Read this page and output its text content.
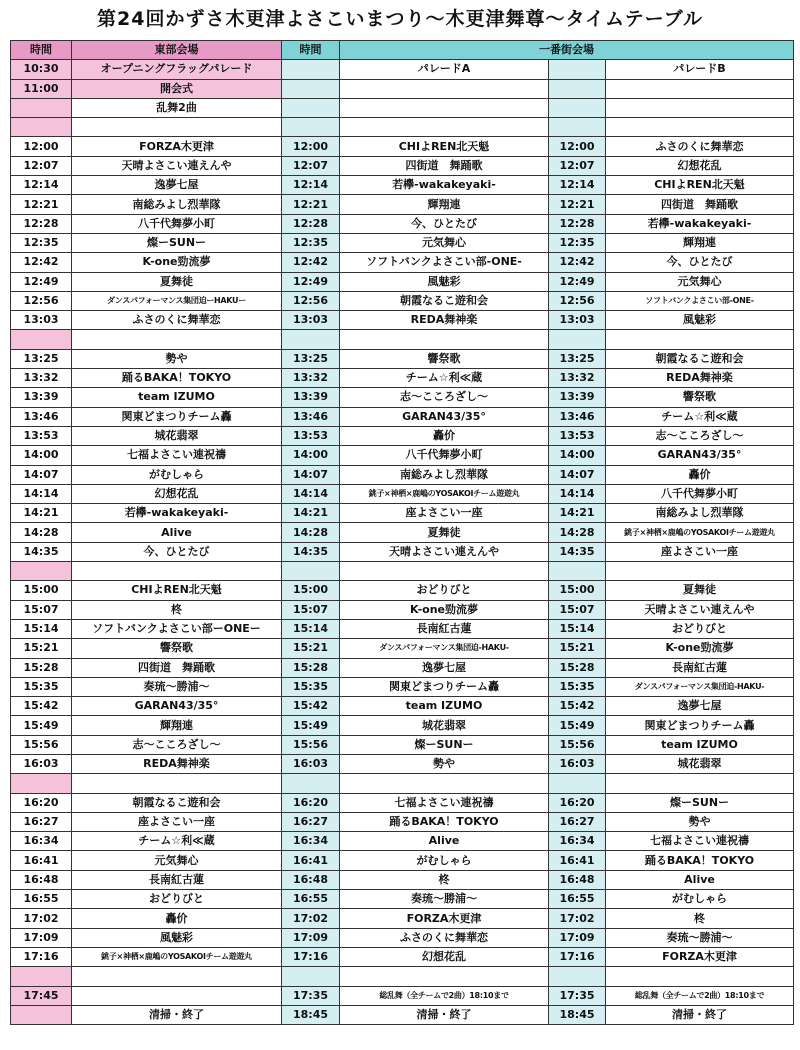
第24回かずさ木更津よさこいまつり～木更津舞尊～タイムテーブル
時間	東部会場	時間	一番街会場		
10:30	オープニングフラッグパレード		パレードA		パレードB
11:00	開会式				
	乱舞2曲				

12:00	FORZA木更津	12:00	CHIよREN北天魁	12:00	ふさのくに舞華恋
12:07	天晴よさこい連えんや	12:07	四街道　舞踊歌	12:07	幻想花乱
12:14	逸夢七屋	12:14	若欅-wakakeyaki-	12:14	CHIよREN北天魁
12:21	南総みよし烈華隊	12:21	輝翔連	12:21	四街道　舞踊歌
12:28	八千代舞夢小町	12:28	今、ひとたび	12:28	若欅-wakakeyaki-
12:35	燦ーSUNー	12:35	元気舞心	12:35	輝翔連
12:42	K-one勁流夢	12:42	ソフトバンクよさこい部-ONE-	12:42	今、ひとたび
12:49	夏舞徒	12:49	風魅彩	12:49	元気舞心
12:56	ダンスパフォーマンス集団迫ーHAKUー	12:56	朝霞なるこ遊和会	12:56	ソフトバンクよさこい部-ONE-
13:03	ふさのくに舞華恋	13:03	REDA舞神楽	13:03	風魅彩

13:25	勢や	13:25	響祭歌	13:25	朝霞なるこ遊和会
13:32	踊るBAKA！TOKYO	13:32	チーム☆利≪蔵	13:32	REDA舞神楽
13:39	team IZUMO	13:39	志～こころざし～	13:39	響祭歌
13:46	関東どまつりチーム轟	13:46	GARAN43/35°	13:46	チーム☆利≪蔵
13:53	城花翡翠	13:53	轟价	13:53	志～こころざし～
14:00	七福よさこい連祝禱	14:00	八千代舞夢小町	14:00	GARAN43/35°
14:07	がむしゃら	14:07	南総みよし烈華隊	14:07	轟价
14:14	幻想花乱	14:14	銚子×神栖×鹿嶋のYOSAKOIチーム遊遊丸	14:14	八千代舞夢小町
14:21	若欅-wakakeyaki-	14:21	座よさこい一座	14:21	南総みよし烈華隊
14:28	Alive	14:28	夏舞徒	14:28	銚子×神栖×鹿嶋のYOSAKOIチーム遊遊丸
14:35	今、ひとたび	14:35	天晴よさこい連えんや	14:35	座よさこい一座

15:00	CHIよREN北天魁	15:00	おどりびと	15:00	夏舞徒
15:07	柊	15:07	K-one勁流夢	15:07	天晴よさこい連えんや
15:14	ソフトバンクよさこい部ーONEー	15:14	長南紅古蓮	15:14	おどりびと
15:21	響祭歌	15:21	ダンスパフォーマンス集団迫-HAKU-	15:21	K-one勁流夢
15:28	四街道　舞踊歌	15:28	逸夢七屋	15:28	長南紅古蓮
15:35	奏琉～勝浦～	15:35	関東どまつりチーム轟	15:35	ダンスパフォーマンス集団迫-HAKU-
15:42	GARAN43/35°	15:42	team IZUMO	15:42	逸夢七屋
15:49	輝翔連	15:49	城花翡翠	15:49	関東どまつりチーム轟
15:56	志～こころざし～	15:56	燦ーSUNー	15:56	team IZUMO
16:03	REDA舞神楽	16:03	勢や	16:03	城花翡翠

16:20	朝霞なるこ遊和会	16:20	七福よさこい連祝禱	16:20	燦ーSUNー
16:27	座よさこい一座	16:27	踊るBAKA！TOKYO	16:27	勢や
16:34	チーム☆利≪蔵	16:34	Alive	16:34	七福よさこい連祝禱
16:41	元気舞心	16:41	がむしゃら	16:41	踊るBAKA！TOKYO
16:48	長南紅古蓮	16:48	柊	16:48	Alive
16:55	おどりびと	16:55	奏琉～勝浦～	16:55	がむしゃら
17:02	轟价	17:02	FORZA木更津	17:02	柊
17:09	風魅彩	17:09	ふさのくに舞華恋	17:09	奏琉～勝浦～
17:16	銚子×神栖×鹿嶋のYOSAKOIチーム遊遊丸	17:16	幻想花乱	17:16	FORZA木更津

17:45		17:35	総乱舞（全チームで2曲）18:10まで	17:35	総乱舞（全チームで2曲）18:10まで
	清掃・終了	18:45	清掃・終了	18:45	清掃・終了
